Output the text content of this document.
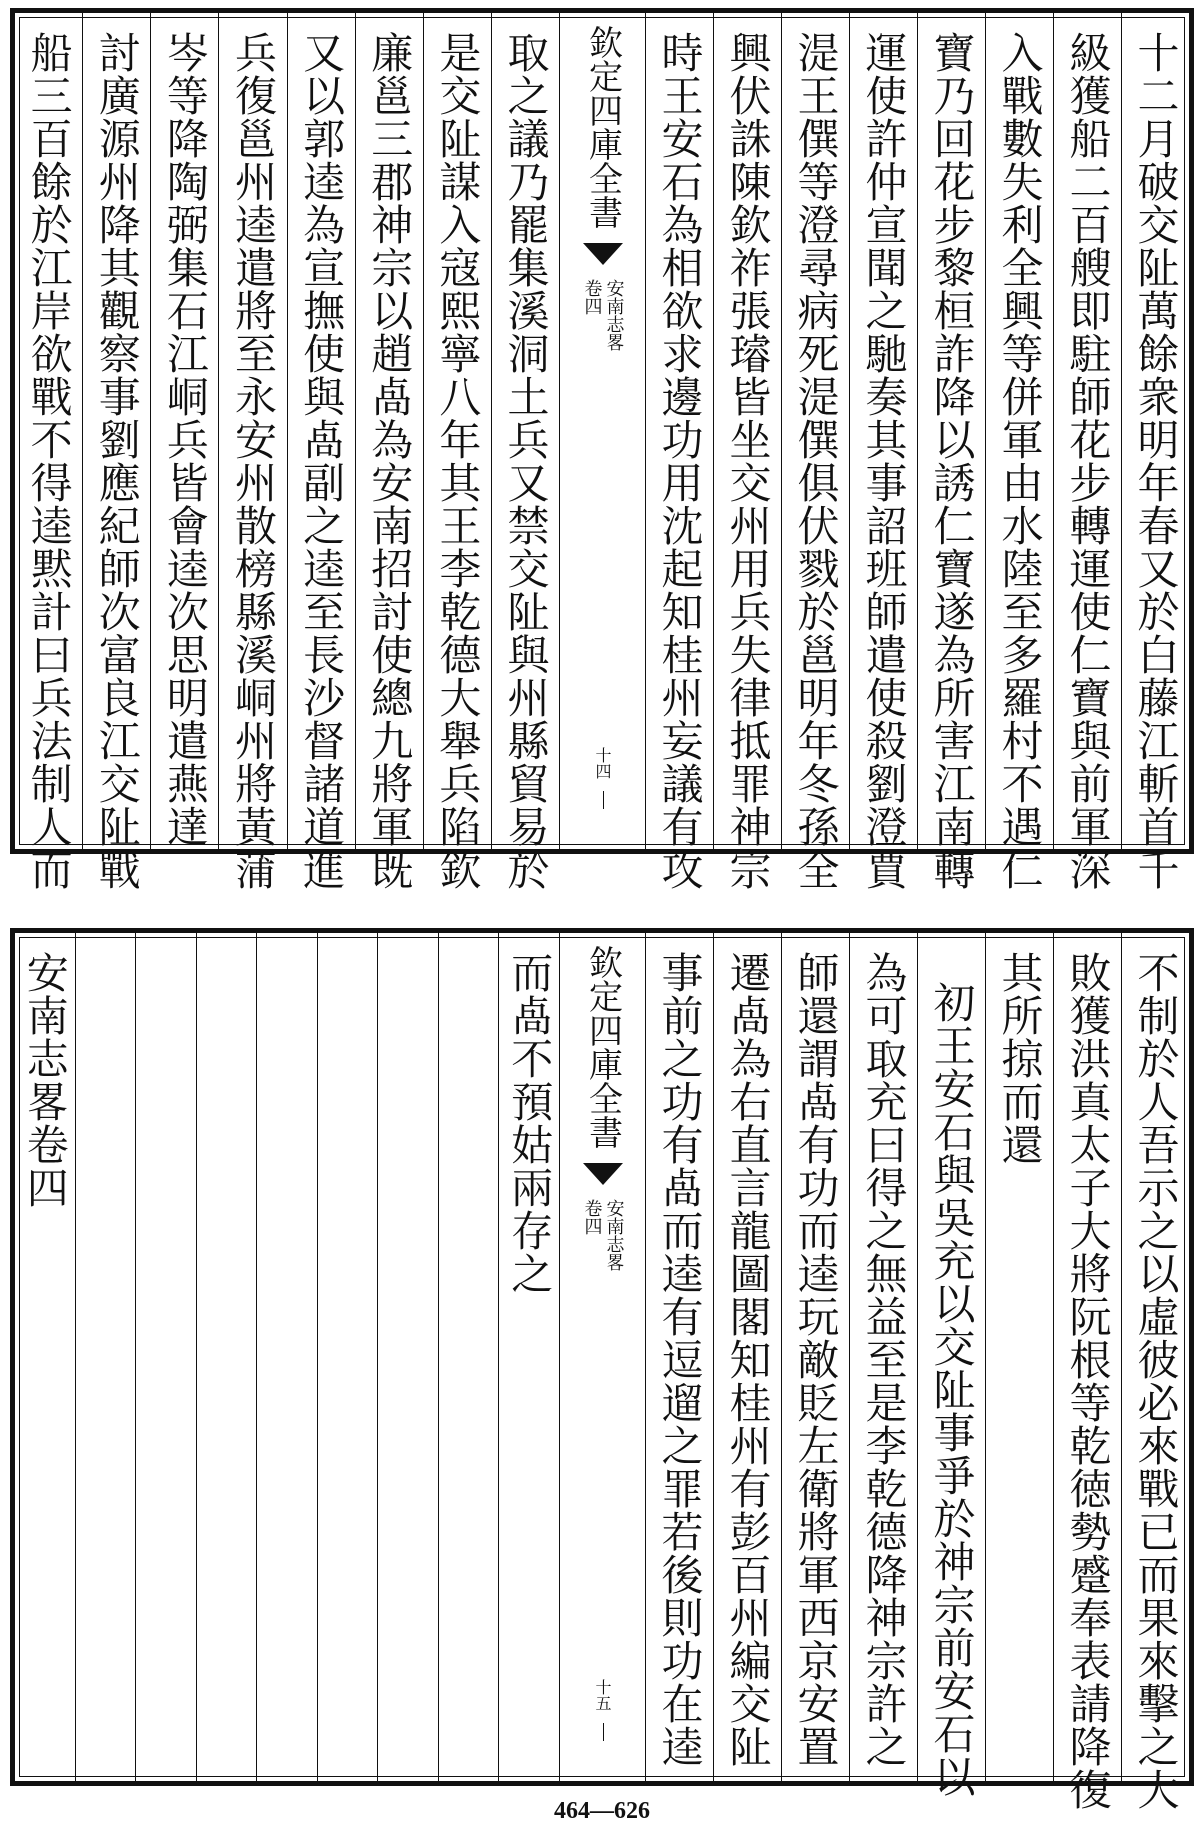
十二月破交阯萬餘衆明年春又於白藤江斬首千
級獲船二百艘即駐師花步轉運使仁寶與前軍深
入戰數失利全興等併軍由水陸至多羅村不遇仁
寶乃回花步黎桓詐降以誘仁寶遂為所害江南轉
運使許仲宣聞之馳奏其事詔班師遣使殺劉澄賈
湜王僎等澄尋病死湜僎俱伏戮於邕明年冬孫全
興伏誅陳欽祚張璿皆坐交州用兵失律抵罪神宗
時王安石為相欲求邊功用沈起知桂州妄議有攻
欽定四庫全書
安南志畧
卷四
十四
取之議乃罷集溪洞土兵又禁交阯與州縣貿易於
是交阯謀入寇熙寧八年其王李乾德大舉兵陷欽
廉邕三郡神宗以趙卨為安南招討使總九將軍既
又以郭逵為宣撫使與卨副之逵至長沙督諸道進
兵復邕州逵遣將至永安州散榜縣溪峒州將黃蒲
岑等降陶弼集石江峒兵皆會逵次思明遣燕達
討廣源州降其觀察事劉應紀師次富良江交阯戰
船三百餘於江岸欲戰不得逵黙計曰兵法制人而
不制於人吾示之以虛彼必來戰已而果來擊之大
敗獲洪真太子大將阮根等乾徳勢蹙奉表請降復
其所掠而還
初王安石與吳充以交阯事爭於神宗前安石以
為可取充曰得之無益至是李乾德降神宗許之
師還謂卨有功而逵玩敵貶左衛將軍西京安置
遷卨為右直言龍圖閣知桂州有彭百州編交阯
事前之功有卨而逵有逗遛之罪若後則功在逵
欽定四庫全書
安南志畧
卷四
十五
而卨不預姑兩存之
安南志畧卷四
464—626
